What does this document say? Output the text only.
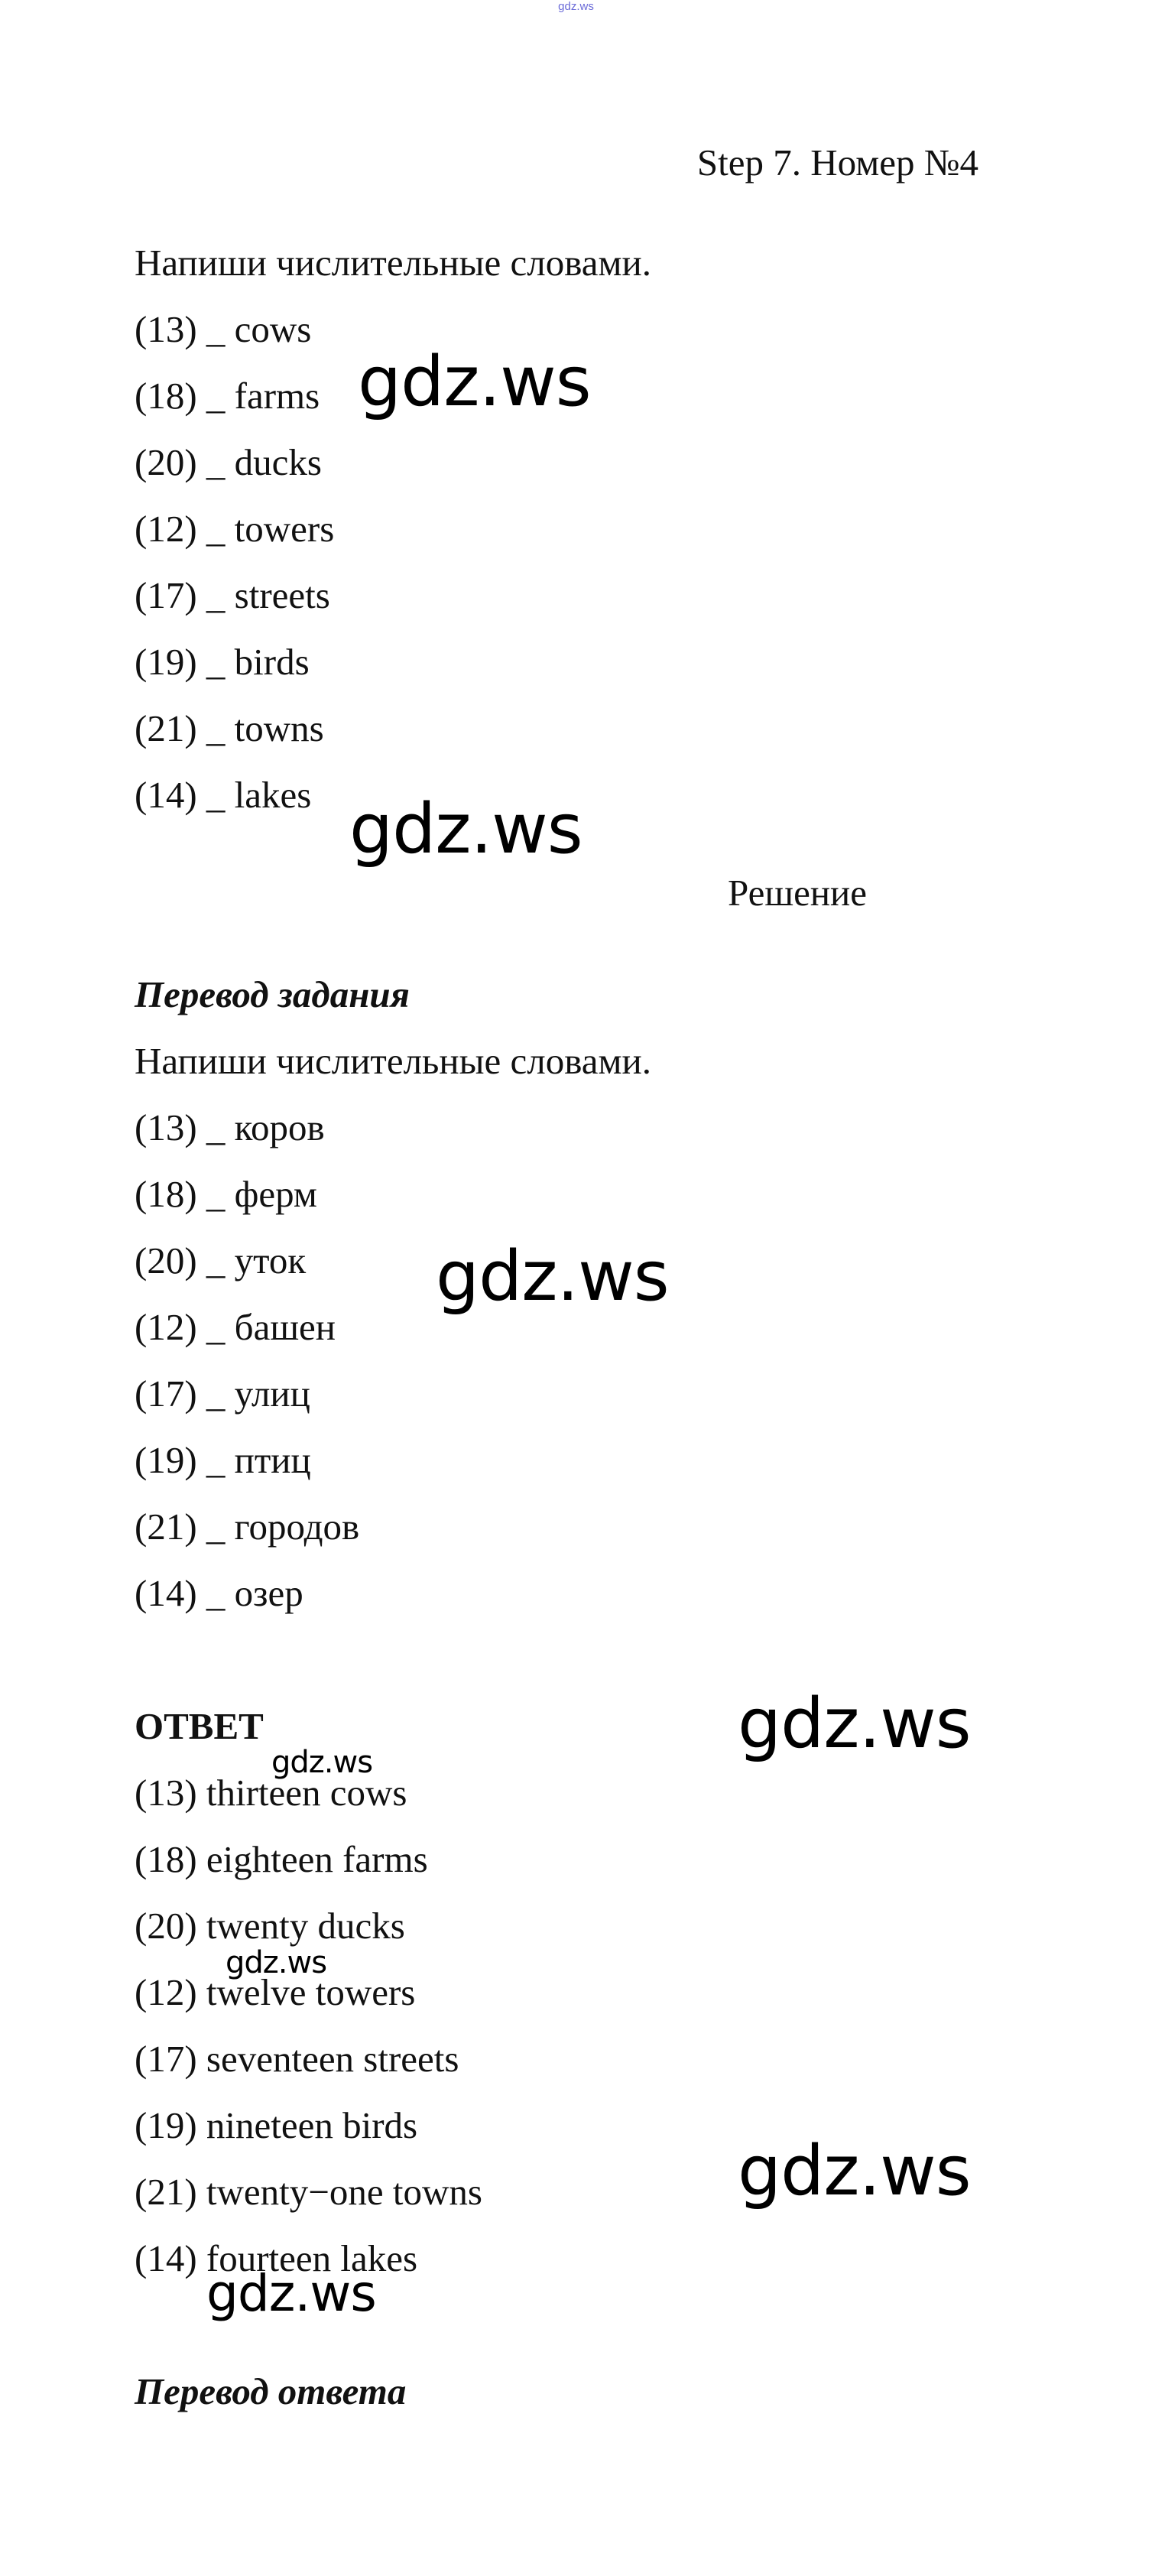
gdz.ws
Step 7. Номер №4
Напиши числительные словами.
(13) _ cows
(18) _ farms
(20) _ ducks
(12) _ towers
(17) _ streets
(19) _ birds
(21) _ towns
(14) _ lakes
Решение
Перевод задания
Напиши числительные словами.
(13) _ коров
(18) _ ферм
(20) _ уток
(12) _ башен
(17) _ улиц
(19) _ птиц
(21) _ городов
(14) _ озер
ОТВЕТ
(13) thirteen cows
(18) eighteen farms
(20) twenty ducks
(12) twelve towers
(17) seventeen streets
(19) nineteen birds
(21) twenty−one towns
(14) fourteen lakes
Перевод ответа
gdz.ws
gdz.ws
gdz.ws
gdz.ws
gdz.ws
gdz.ws
gdz.ws
gdz.ws
